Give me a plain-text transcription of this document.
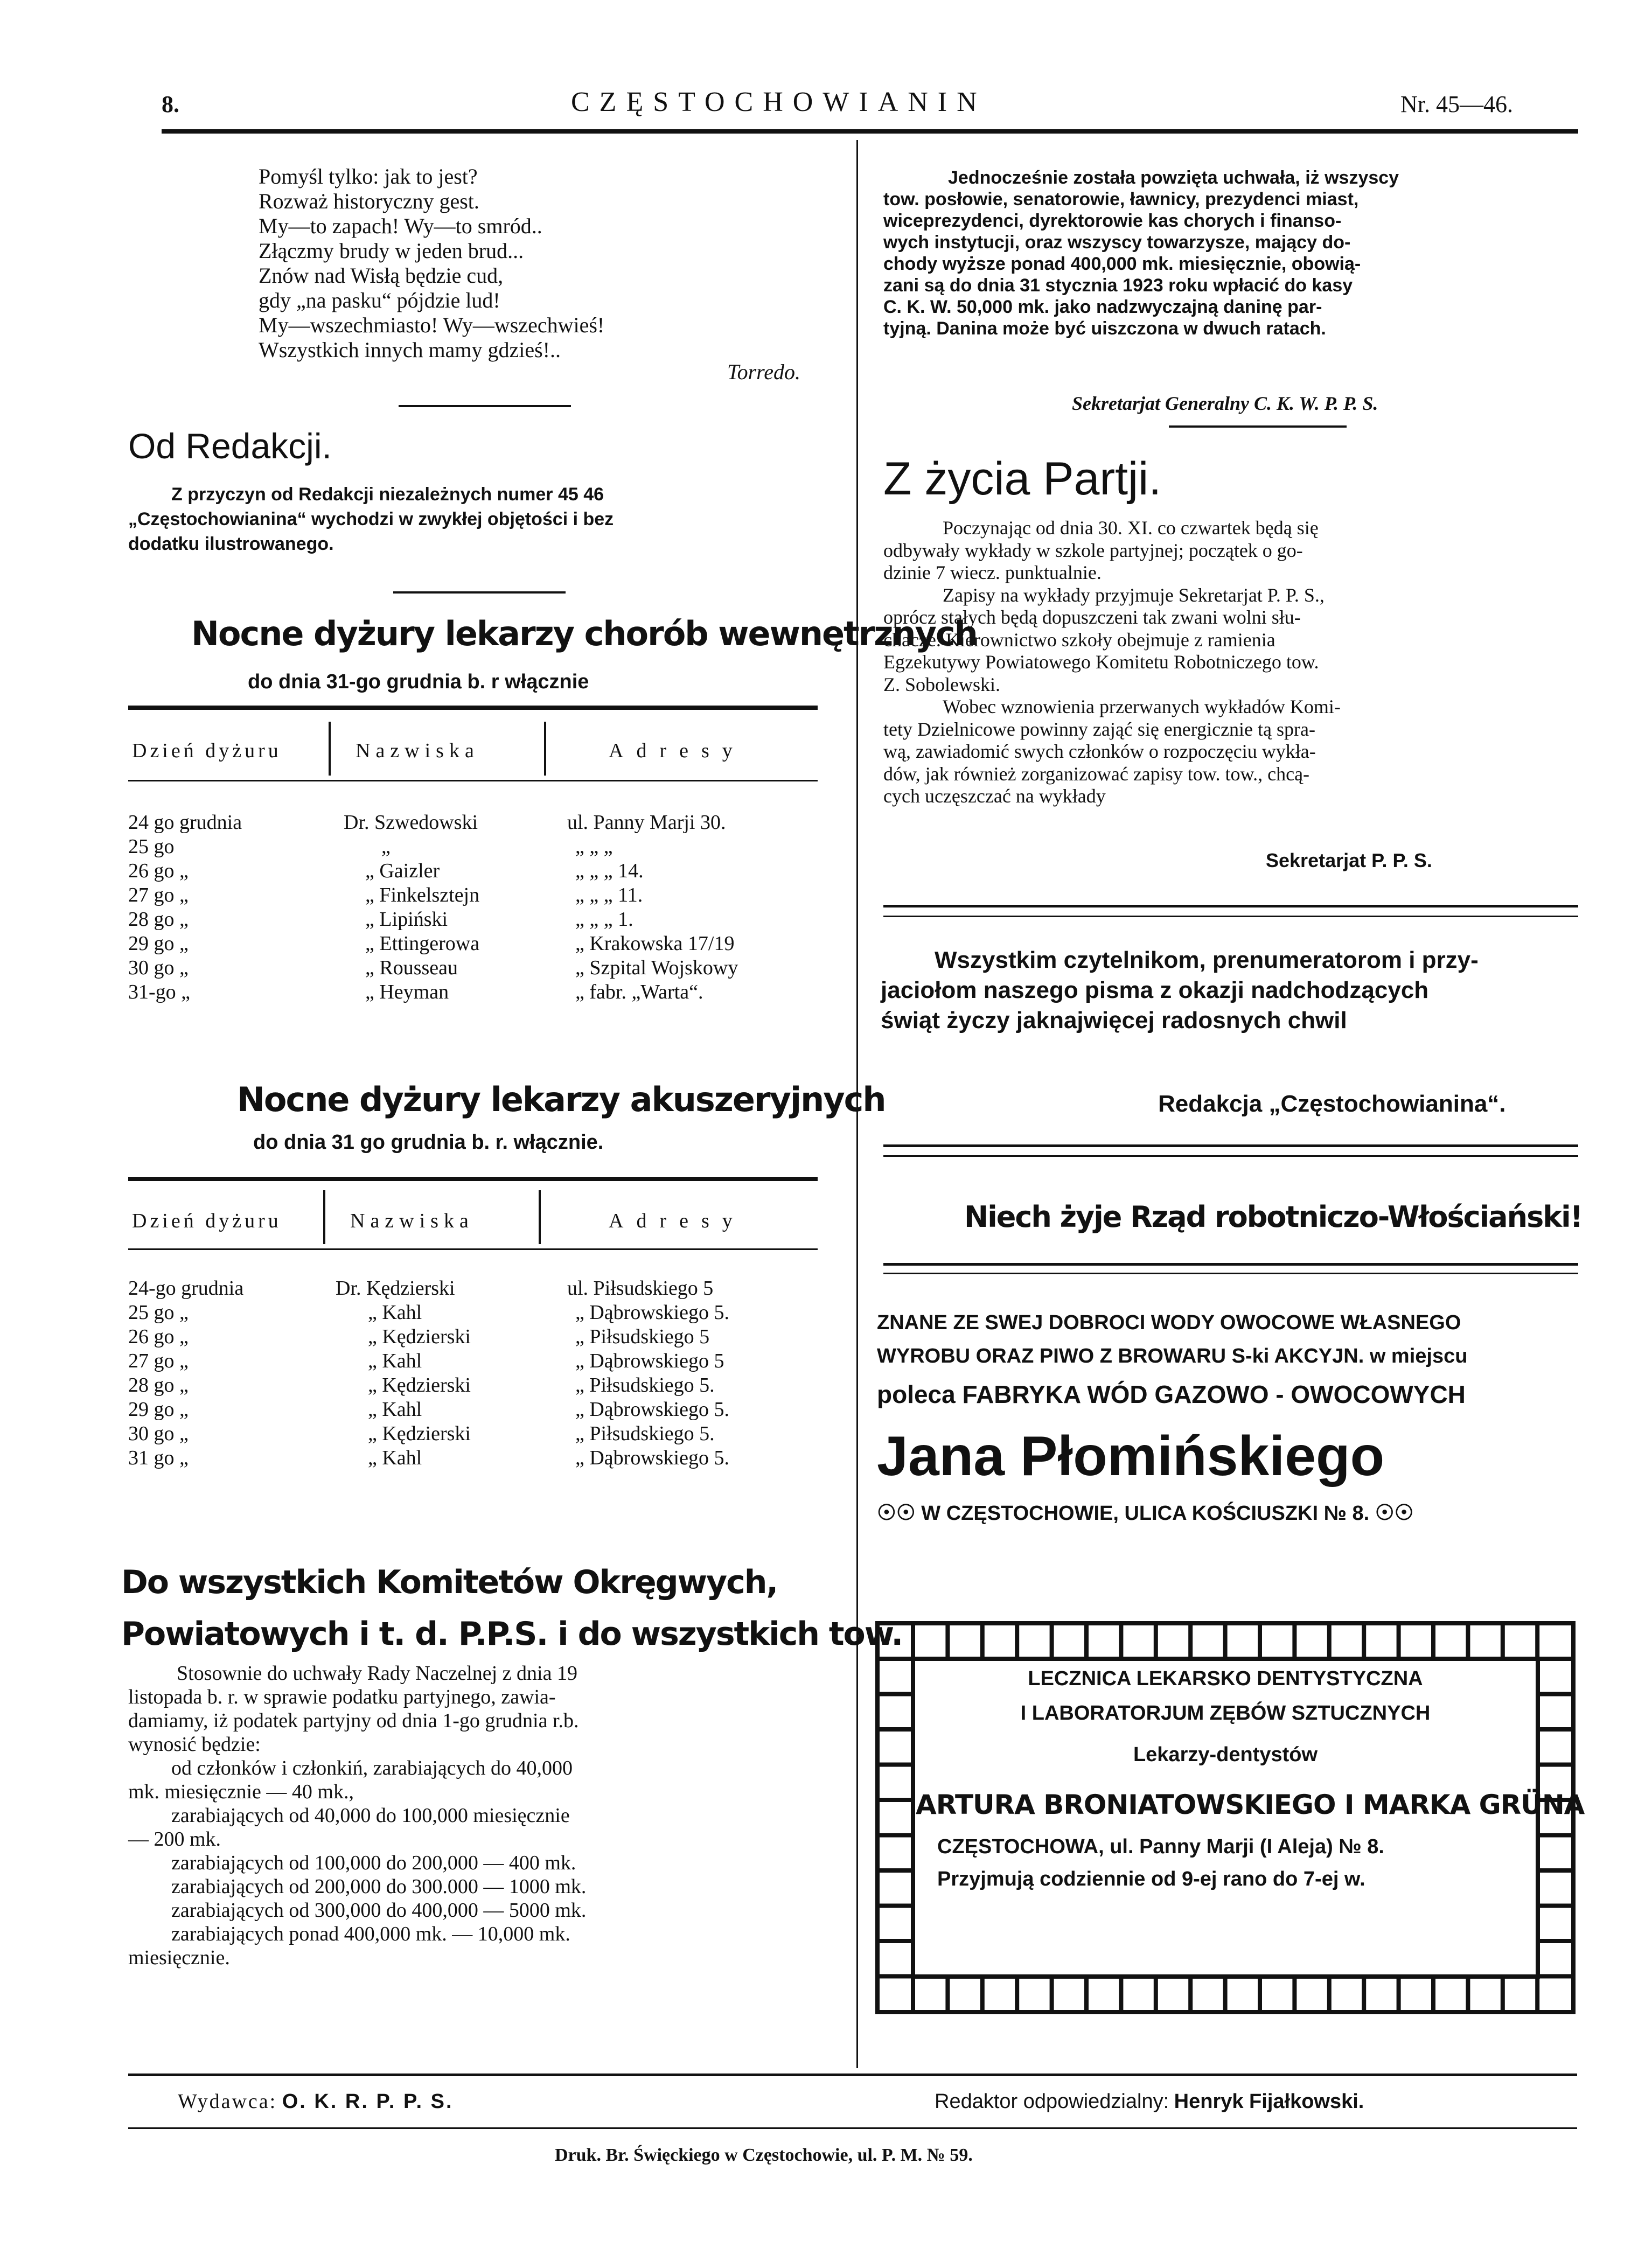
8.	CZĘSTOCHOWIANIN	Nr. 45—46.
Pomyśl tylko: jak to jest?
Rozważ historyczny gest.
My—to zapach! Wy—to smród..
Złączmy brudy w jeden brud...
Znów nad Wisłą będzie cud,
gdy „na pasku“ pójdzie lud!
My—wszechmiasto! Wy—wszechwieś!
Wszystkich innych mamy gdzieś!..
Torredo.
Od Redakcji.
Z przyczyn od Redakcji niezależnych numer 45 46
„Częstochowianina“ wychodzi w zwykłej objętości i bez
dodatku ilustrowanego.
Nocne dyżury lekarzy chorób wewnętrznych
do dnia 31-go grudnia b. r włącznie
Dzień dyżuru	Nazwiska	Adresy
24 go grudnia	Dr. Szwedowski	ul. Panny Marji 30.
25 go	„	„ „ „
26 go „	„ Gaizler	„ „ „ 14.
27 go „	„ Finkelsztejn	„ „ „ 11.
28 go „	„ Lipiński	„ „ „ 1.
29 go „	„ Ettingerowa	„ Krakowska 17/19
30 go „	„ Rousseau	„ Szpital Wojskowy
31-go „	„ Heyman	„ fabr. „Warta“.
Nocne dyżury lekarzy akuszeryjnych
do dnia 31 go grudnia b. r. włącznie.
Dzień dyżuru	Nazwiska	Adresy
24-go grudnia	Dr. Kędzierski	ul. Piłsudskiego 5
25 go „	„ Kahl	„ Dąbrowskiego 5.
26 go „	„ Kędzierski	„ Piłsudskiego 5
27 go „	„ Kahl	„ Dąbrowskiego 5
28 go „	„ Kędzierski	„ Piłsudskiego 5.
29 go „	„ Kahl	„ Dąbrowskiego 5.
30 go „	„ Kędzierski	„ Piłsudskiego 5.
31 go „	„ Kahl	„ Dąbrowskiego 5.
Do wszystkich Komitetów Okręgwych,
Powiatowych i t. d. P.P.S. i do wszystkich tow.
Stosownie do uchwały Rady Naczelnej z dnia 19
listopada b. r. w sprawie podatku partyjnego, zawia-
damiamy, iż podatek partyjny od dnia 1-go grudnia r.b.
wynosić będzie:
od członków i członkiń, zarabiających do 40,000
mk. miesięcznie — 40 mk.,
zarabiających od 40,000 do 100,000 miesięcznie
— 200 mk.
zarabiających od 100,000 do 200,000 — 400 mk.
zarabiających od 200,000 do 300.000 — 1000 mk.
zarabiających od 300,000 do 400,000 — 5000 mk.
zarabiających ponad 400,000 mk. — 10,000 mk.
miesięcznie.
Jednocześnie została powzięta uchwała, iż wszyscy
tow. posłowie, senatorowie, ławnicy, prezydenci miast,
wiceprezydenci, dyrektorowie kas chorych i finanso-
wych instytucji, oraz wszyscy towarzysze, mający do-
chody wyższe ponad 400,000 mk. miesięcznie, obowią-
zani są do dnia 31 stycznia 1923 roku wpłacić do kasy
C. K. W. 50,000 mk. jako nadzwyczajną daninę par-
tyjną. Danina może być uiszczona w dwuch ratach.
Sekretarjat Generalny C. K. W. P. P. S.
Z życia Partji.
Poczynając od dnia 30. XI. co czwartek będą się
odbywały wykłady w szkole partyjnej; początek o go-
dzinie 7 wiecz. punktualnie.
Zapisy na wykłady przyjmuje Sekretarjat P. P. S.,
oprócz stałych będą dopuszczeni tak zwani wolni słu-
chacze. Kierownictwo szkoły obejmuje z ramienia
Egzekutywy Powiatowego Komitetu Robotniczego tow.
Z. Sobolewski.
Wobec wznowienia przerwanych wykładów Komi-
tety Dzielnicowe powinny zająć się energicznie tą spra-
wą, zawiadomić swych członków o rozpoczęciu wykła-
dów, jak również zorganizować zapisy tow. tow., chcą-
cych uczęszczać na wykłady
Sekretarjat P. P. S.
Wszystkim czytelnikom, prenumeratorom i przy-
jaciołom naszego pisma z okazji nadchodzących
świąt życzy jaknajwięcej radosnych chwil
Redakcja „Częstochowianina“.
Niech żyje Rząd robotniczo-Włościański!
ZNANE ZE SWEJ DOBROCI WODY OWOCOWE WŁASNEGO
WYROBU ORAZ PIWO Z BROWARU S-ki AKCYJN. w miejscu
poleca FABRYKA WÓD GAZOWO - OWOCOWYCH
Jana Płomińskiego
☉☉ W CZĘSTOCHOWIE, ULICA KOŚCIUSZKI № 8. ☉☉
LECZNICA LEKARSKO DENTYSTYCZNA
I LABORATORJUM ZĘBÓW SZTUCZNYCH
Lekarzy-dentystów
ARTURA BRONIATOWSKIEGO I MARKA GRÜNA
CZĘSTOCHOWA, ul. Panny Marji (I Aleja) № 8.
Przyjmują codziennie od 9-ej rano do 7-ej w.
Wydawca: O. K. R. P. P. S.	Redaktor odpowiedzialny: Henryk Fijałkowski.
Druk. Br. Święckiego w Częstochowie, ul. P. M. № 59.
